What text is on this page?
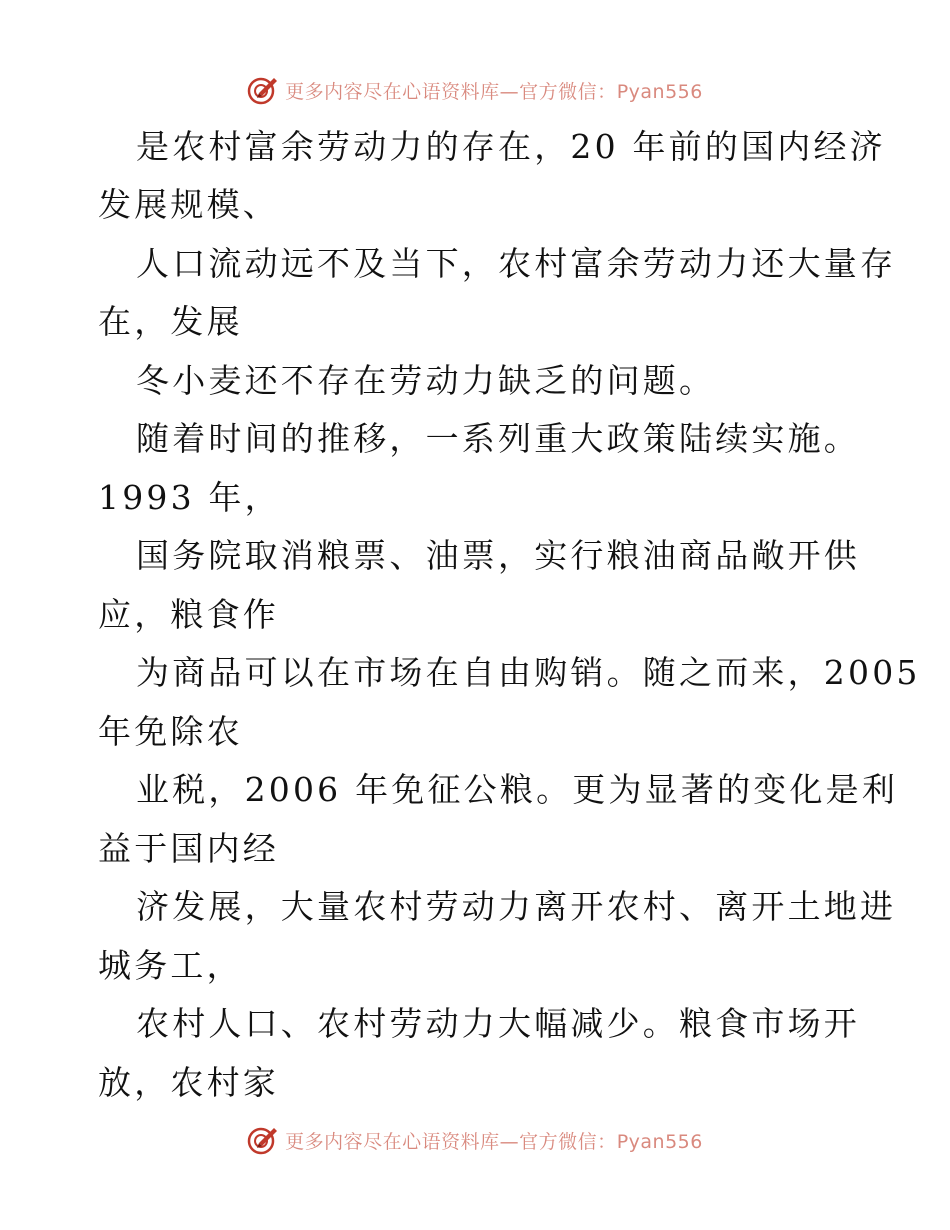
更多内容尽在心语资料库—官方微信：Pyan556
是农村富余劳动力的存在，20 年前的国内经济
发展规模、
人口流动远不及当下，农村富余劳动力还大量存
在，发展
冬小麦还不存在劳动力缺乏的问题。
随着时间的推移，一系列重大政策陆续实施。
1993 年，
国务院取消粮票、油票，实行粮油商品敞开供
应，粮食作
为商品可以在市场在自由购销。随之而来，2005
年免除农
业税，2006 年免征公粮。更为显著的变化是利
益于国内经
济发展，大量农村劳动力离开农村、离开土地进
城务工，
农村人口、农村劳动力大幅减少。粮食市场开
放，农村家
更多内容尽在心语资料库—官方微信：Pyan556
